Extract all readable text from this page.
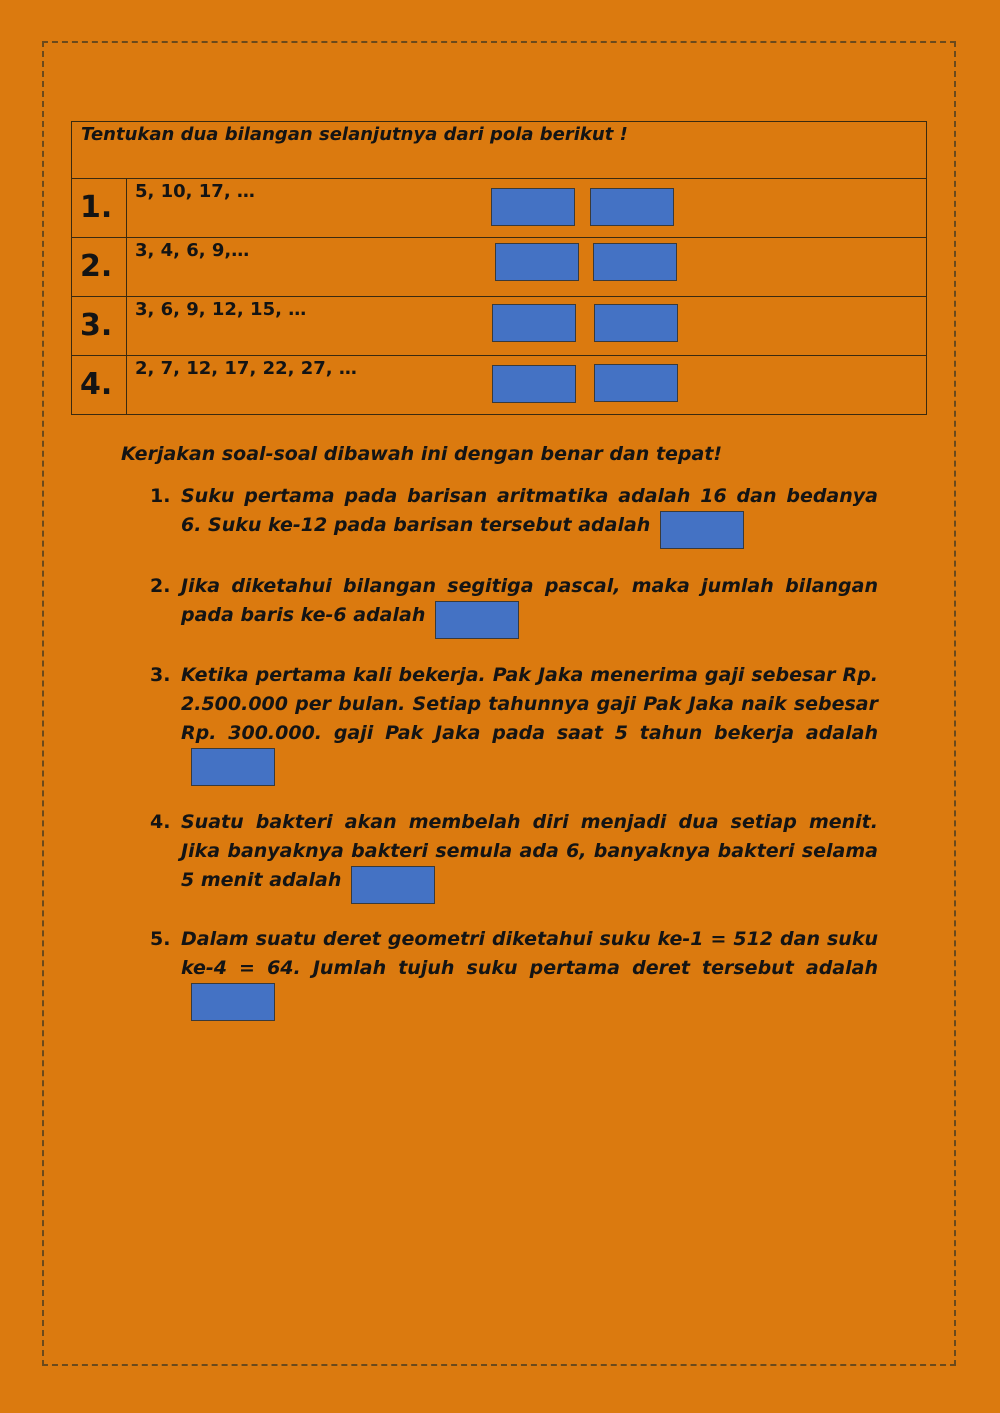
Tentukan dua bilangan selanjutnya dari pola berikut !	
1.	5, 10, 17, …

2.	3, 4, 6, 9,…

3.	3, 6, 9, 12, 15, …

4.	2, 7, 12, 17, 22, 27, …
Kerjakan soal-soal dibawah ini dengan benar dan tepat!
1. Suku pertama pada barisan aritmatika adalah 16 dan bedanya 6. Suku ke-12 pada barisan tersebut adalah
2. Jika diketahui bilangan segitiga pascal, maka jumlah bilangan pada baris ke-6 adalah
3. Ketika pertama kali bekerja. Pak Jaka menerima gaji sebesar Rp. 2.500.000 per bulan. Setiap tahunnya gaji Pak Jaka naik sebesar Rp. 300.000. gaji Pak Jaka pada saat 5 tahun bekerja adalah
4. Suatu bakteri akan membelah diri menjadi dua setiap menit. Jika banyaknya bakteri semula ada 6, banyaknya bakteri selama 5 menit adalah
5. Dalam suatu deret geometri diketahui suku ke-1 = 512 dan suku ke-4 = 64. Jumlah tujuh suku pertama deret tersebut adalah
